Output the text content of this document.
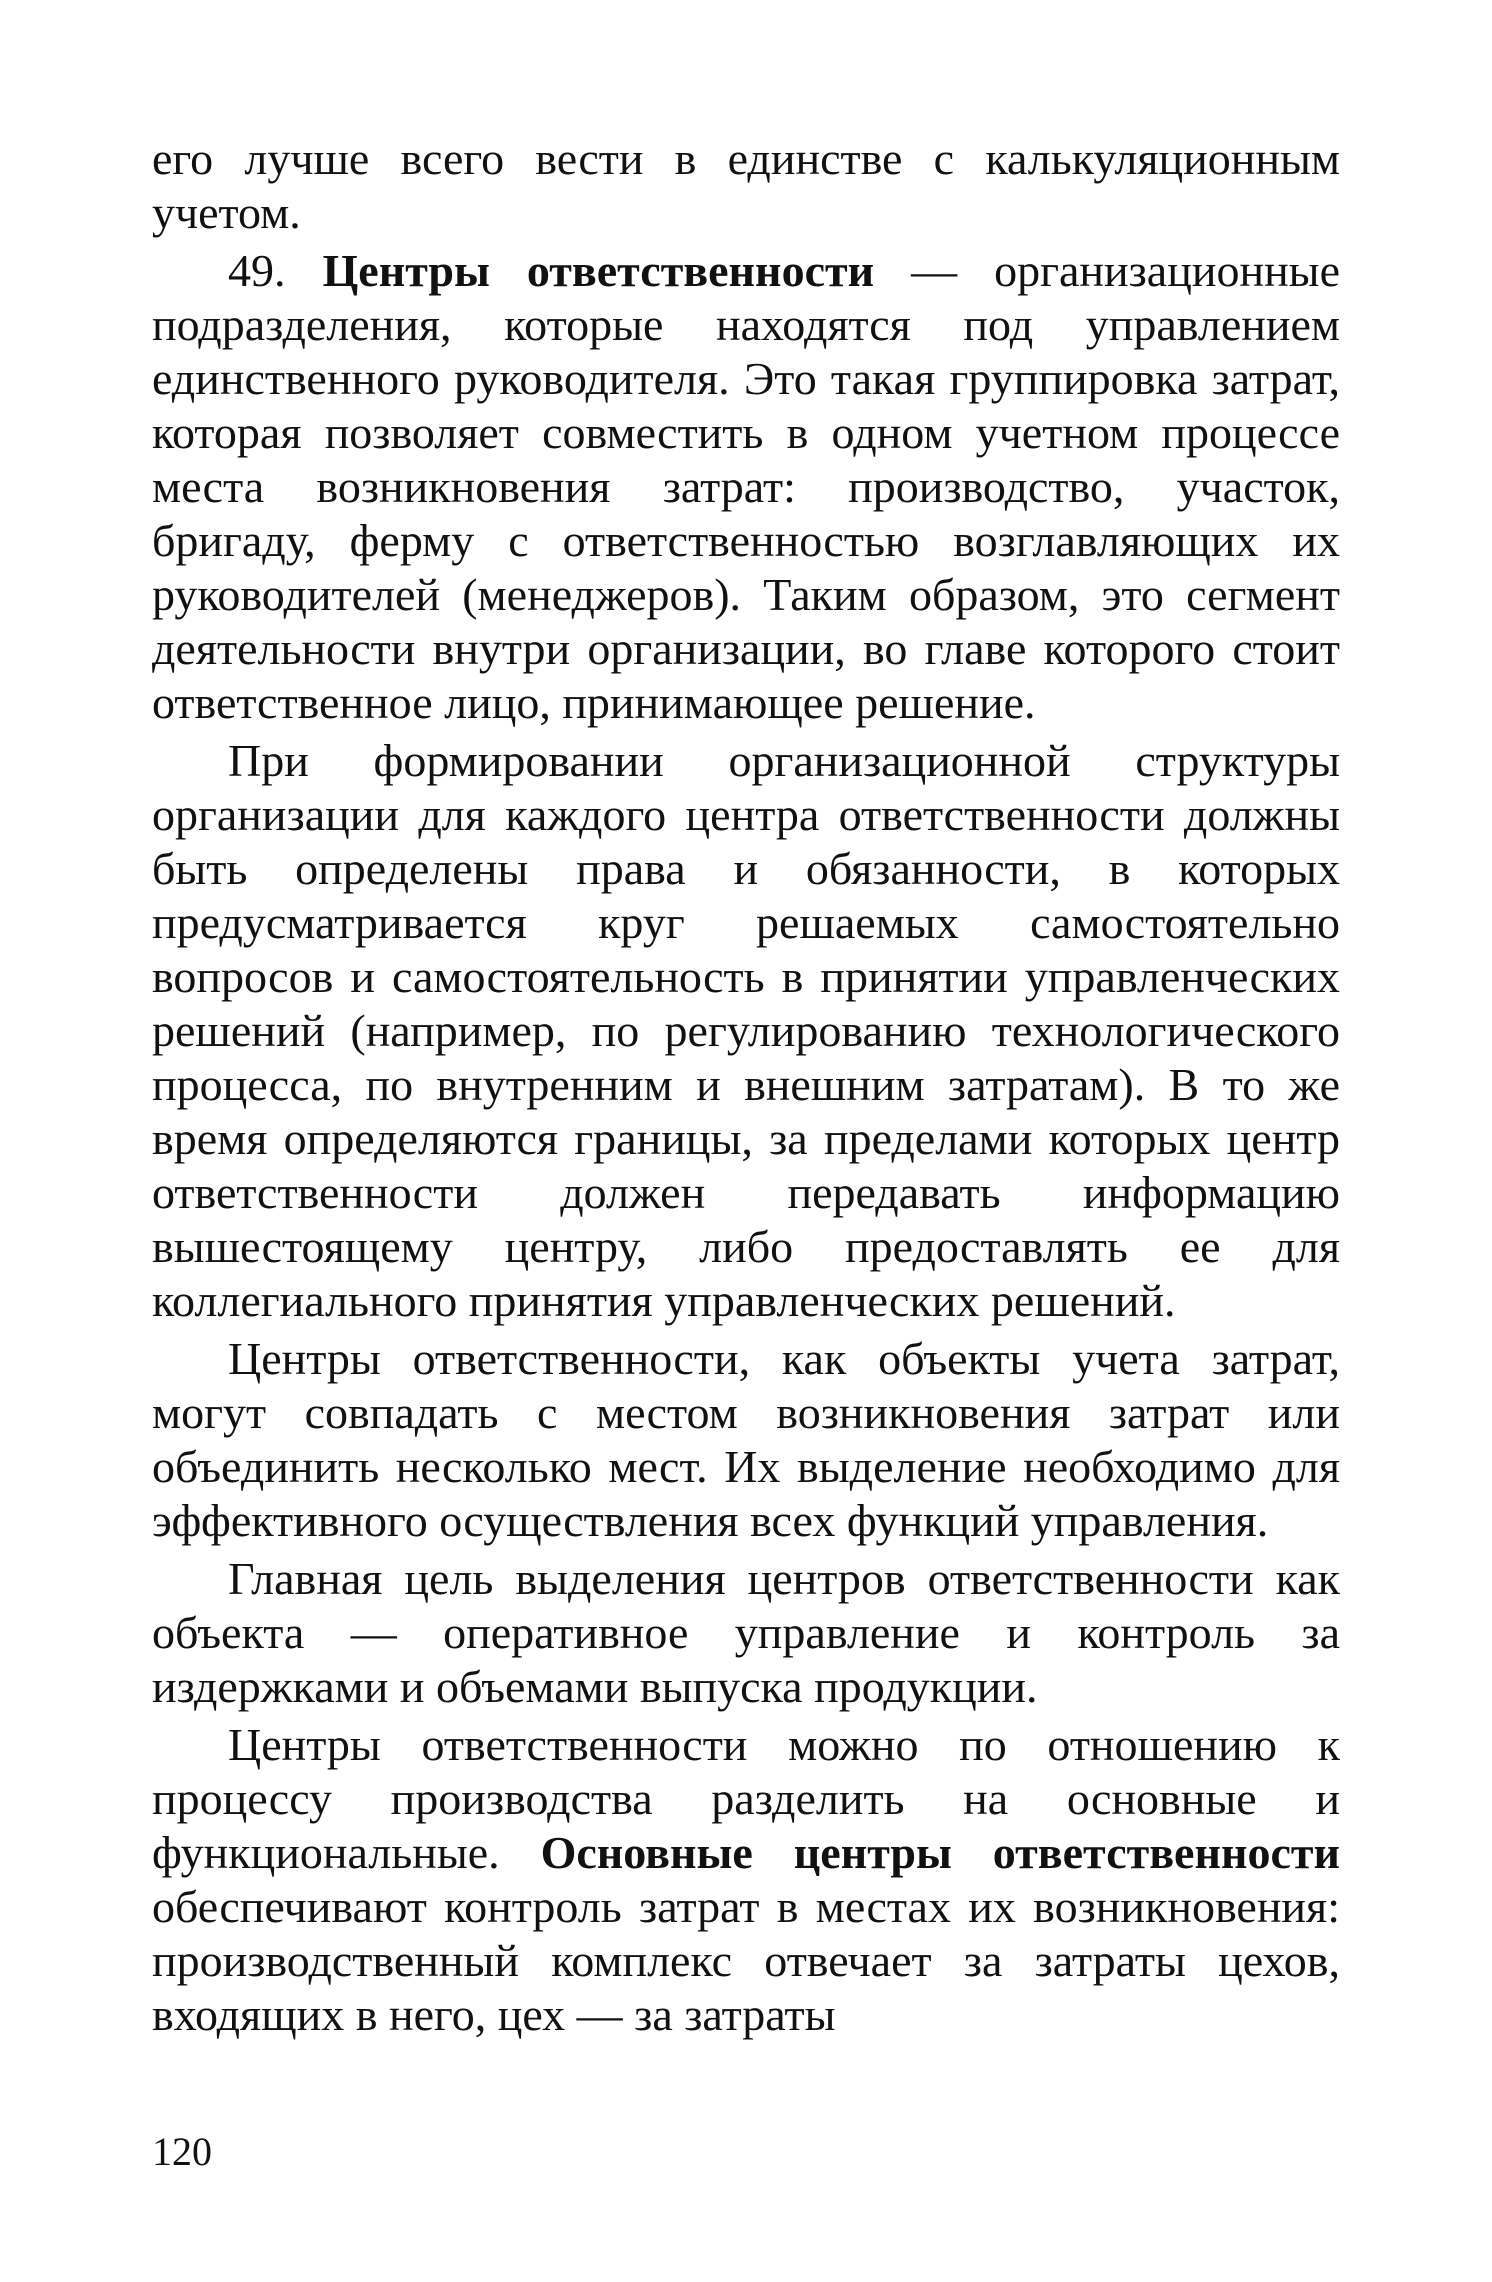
его лучше всего вести в единстве с калькуляционным учетом.

49. Центры ответственности — организационные подразделения, которые находятся под управлением единственного руководителя. Это такая группировка затрат, которая позволяет совместить в одном учетном процессе места возникновения затрат: производство, участок, бригаду, ферму с ответственностью возглавляющих их руководителей (менеджеров). Таким образом, это сегмент деятельности внутри организации, во главе которого стоит ответственное лицо, принимающее решение.

При формировании организационной структуры организации для каждого центра ответственности должны быть определены права и обязанности, в которых предусматривается круг решаемых самостоятельно вопросов и самостоятельность в принятии управленческих решений (например, по регулированию технологического процесса, по внутренним и внешним затратам). В то же время определяются границы, за пределами которых центр ответственности должен передавать информацию вышестоящему центру, либо предоставлять ее для коллегиального принятия управленческих решений.

Центры ответственности, как объекты учета затрат, могут совпадать с местом возникновения затрат или объединить несколько мест. Их выделение необходимо для эффективного осуществления всех функций управления.

Главная цель выделения центров ответственности как объекта — оперативное управление и контроль за издержками и объемами выпуска продукции.

Центры ответственности можно по отношению к процессу производства разделить на основные и функциональные. Основные центры ответственности обеспечивают контроль затрат в местах их возникновения: производственный комплекс отвечает за затраты цехов, входящих в него, цех — за затраты

120
